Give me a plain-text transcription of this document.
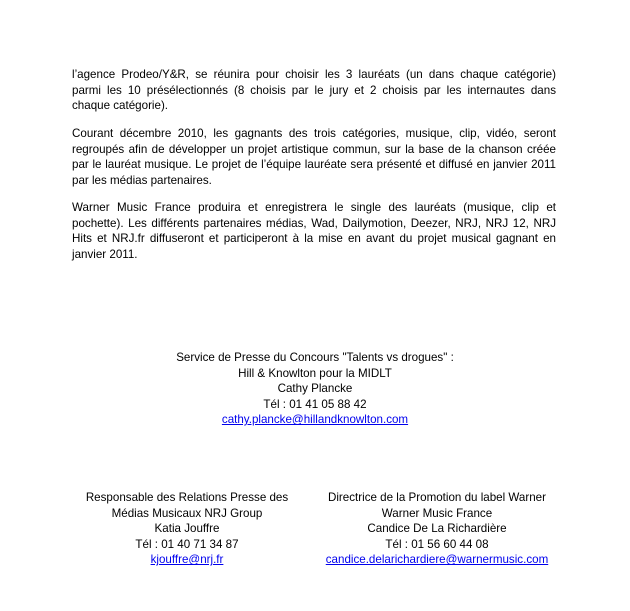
l’agence Prodeo/Y&R, se réunira pour choisir les 3 lauréats (un dans chaque catégorie)
parmi les 10 présélectionnés (8 choisis par le jury et 2 choisis par les internautes dans
chaque catégorie).
Courant décembre 2010, les gagnants des trois catégories, musique, clip, vidéo, seront
regroupés afin de développer un projet artistique commun, sur la base de la chanson créée
par le lauréat musique. Le projet de l’équipe lauréate sera présenté et diffusé en janvier 2011
par les médias partenaires.
Warner Music France produira et enregistrera le single des lauréats (musique, clip et
pochette). Les différents partenaires médias, Wad, Dailymotion, Deezer, NRJ, NRJ 12, NRJ
Hits et NRJ.fr diffuseront et participeront à la mise en avant du projet musical gagnant en
janvier 2011.
Service de Presse du Concours "Talents vs drogues" :
Hill & Knowlton pour la MIDLT
Cathy Plancke
Tél : 01 41 05 88 42
cathy.plancke@hillandknowlton.com
Responsable des Relations Presse des
Médias Musicaux NRJ Group
Katia Jouffre
Tél : 01 40 71 34 87
kjouffre@nrj.fr
Directrice de la Promotion du label Warner
Warner Music France
Candice De La Richardière
Tél : 01 56 60 44 08
candice.delarichardiere@warnermusic.com
